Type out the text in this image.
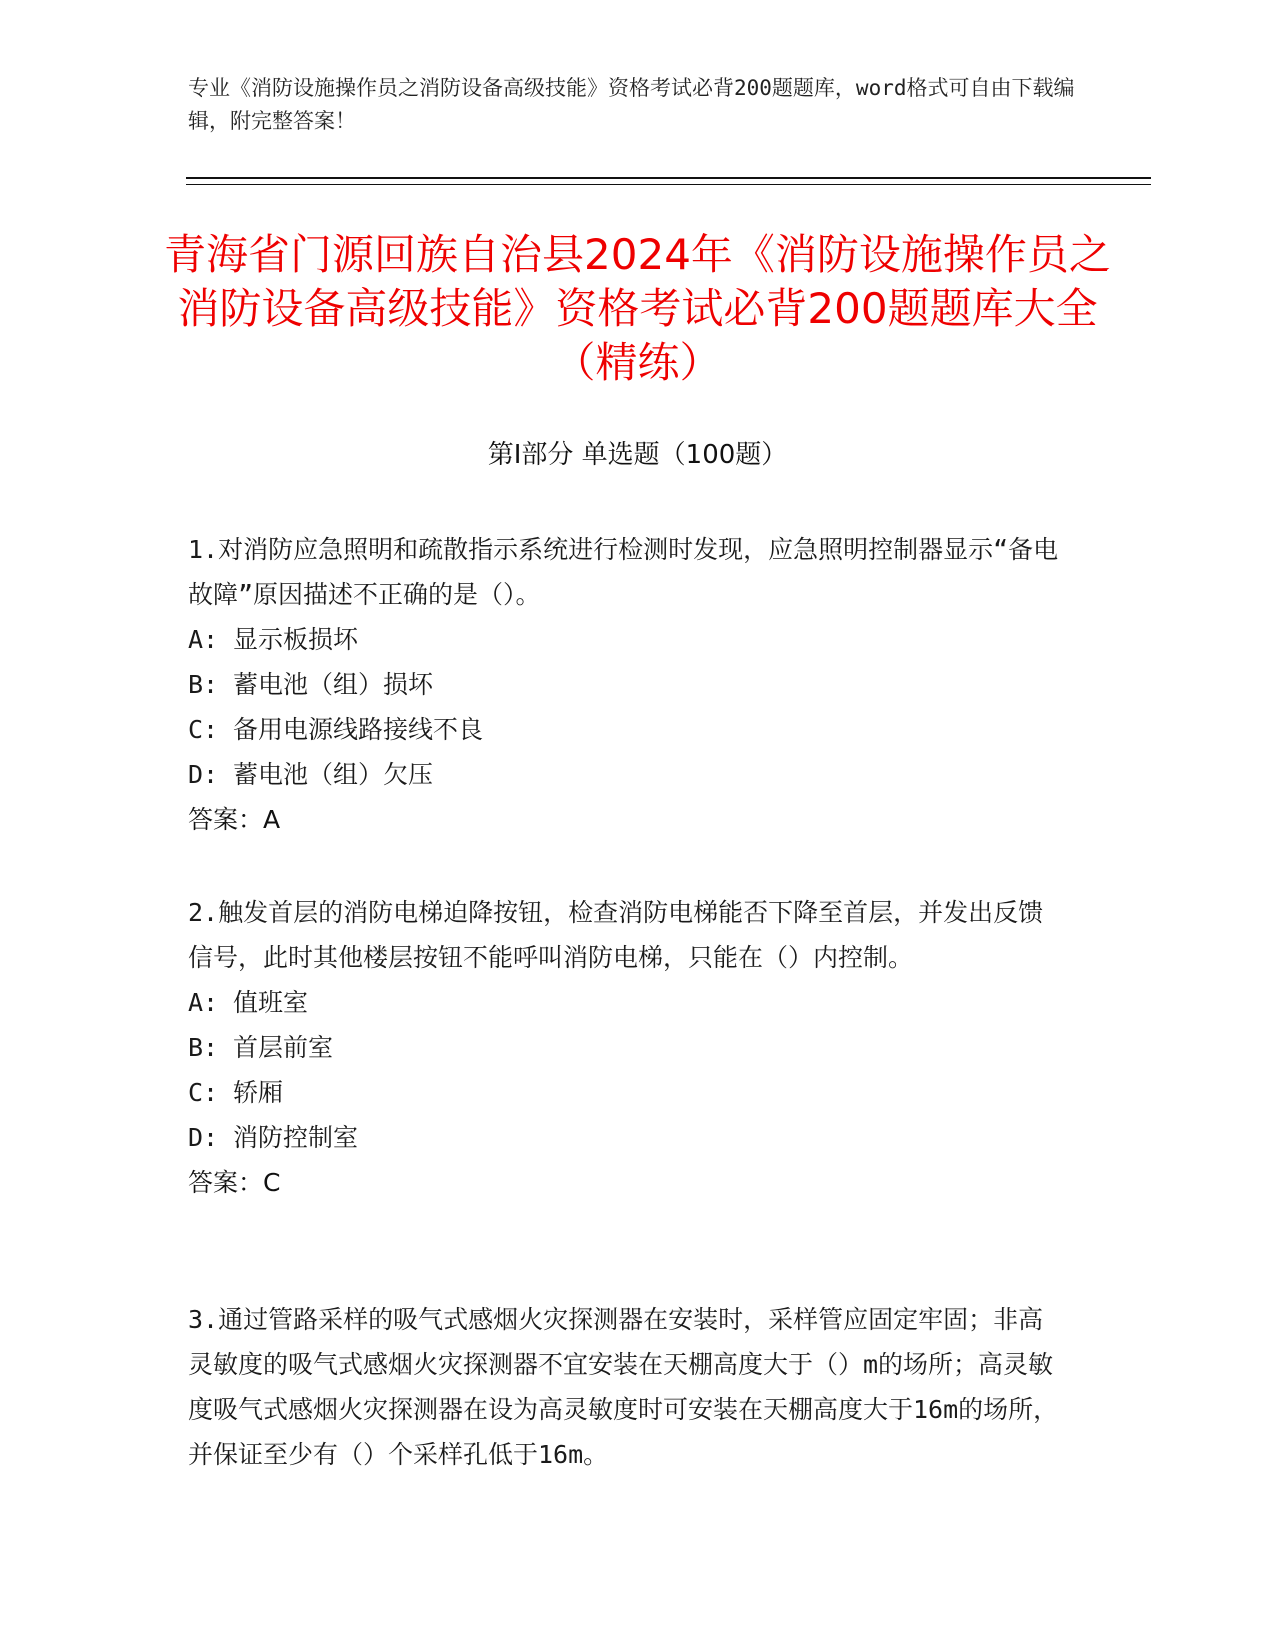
专业《消防设施操作员之消防设备高级技能》资格考试必背200题题库，word格式可自由下载编辑，附完整答案！
青海省门源回族自治县2024年《消防设施操作员之消防设备高级技能》资格考试必背200题题库大全（精练）
第Ⅰ部分 单选题（100题）

1.对消防应急照明和疏散指示系统进行检测时发现，应急照明控制器显示“备电故障”原因描述不正确的是（）。

A: 显示板损坏

B: 蓄电池（组）损坏

C: 备用电源线路接线不良

D: 蓄电池（组）欠压

答案：A

2.触发首层的消防电梯迫降按钮，检查消防电梯能否下降至首层，并发出反馈信号，此时其他楼层按钮不能呼叫消防电梯，只能在（）内控制。

A: 值班室

B: 首层前室

C: 轿厢

D: 消防控制室

答案：C

3.通过管路采样的吸气式感烟火灾探测器在安装时，采样管应固定牢固；非高灵敏度的吸气式感烟火灾探测器不宜安装在天棚高度大于（）m的场所；高灵敏度吸气式感烟火灾探测器在设为高灵敏度时可安装在天棚高度大于16m的场所，并保证至少有（）个采样孔低于16m。
